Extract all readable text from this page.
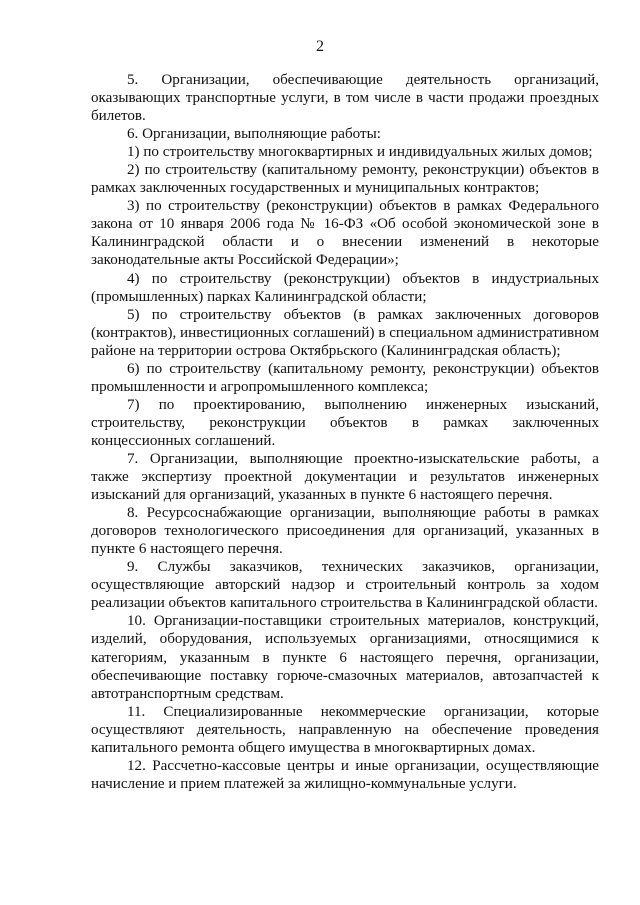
2

5. Организации, обеспечивающие деятельность организаций, оказывающих транспортные услуги, в том числе в части продажи проездных билетов.

6. Организации, выполняющие работы:

1) по строительству многоквартирных и индивидуальных жилых домов;

2) по строительству (капитальному ремонту, реконструкции) объектов в рамках заключенных государственных и муниципальных контрактов;

3) по строительству (реконструкции) объектов в рамках Федерального закона от 10 января 2006 года № 16-ФЗ «Об особой экономической зоне в Калининградской области и о внесении изменений в некоторые законодательные акты Российской Федерации»;

4) по строительству (реконструкции) объектов в индустриальных (промышленных) парках Калининградской области;

5) по строительству объектов (в рамках заключенных договоров (контрактов), инвестиционных соглашений) в специальном административном районе на территории острова Октябрьского (Калининградская область);

6) по строительству (капитальному ремонту, реконструкции) объектов промышленности и агропромышленного комплекса;

7) по проектированию, выполнению инженерных изысканий, строительству, реконструкции объектов в рамках заключенных концессионных соглашений.

7. Организации, выполняющие проектно-изыскательские работы, а также экспертизу проектной документации и результатов инженерных изысканий для организаций, указанных в пункте 6 настоящего перечня.

8. Ресурсоснабжающие организации, выполняющие работы в рамках договоров технологического присоединения для организаций, указанных в пункте 6 настоящего перечня.

9. Службы заказчиков, технических заказчиков, организации, осуществляющие авторский надзор и строительный контроль за ходом реализации объектов капитального строительства в Калининградской области.

10. Организации-поставщики строительных материалов, конструкций, изделий, оборудования, используемых организациями, относящимися к категориям, указанным в пункте 6 настоящего перечня, организации, обеспечивающие поставку горюче-смазочных материалов, автозапчастей к автотранспортным средствам.

11. Специализированные некоммерческие организации, которые осуществляют деятельность, направленную на обеспечение проведения капитального ремонта общего имущества в многоквартирных домах.

12. Рассчетно-кассовые центры и иные организации, осуществляющие начисление и прием платежей за жилищно-коммунальные услуги.
